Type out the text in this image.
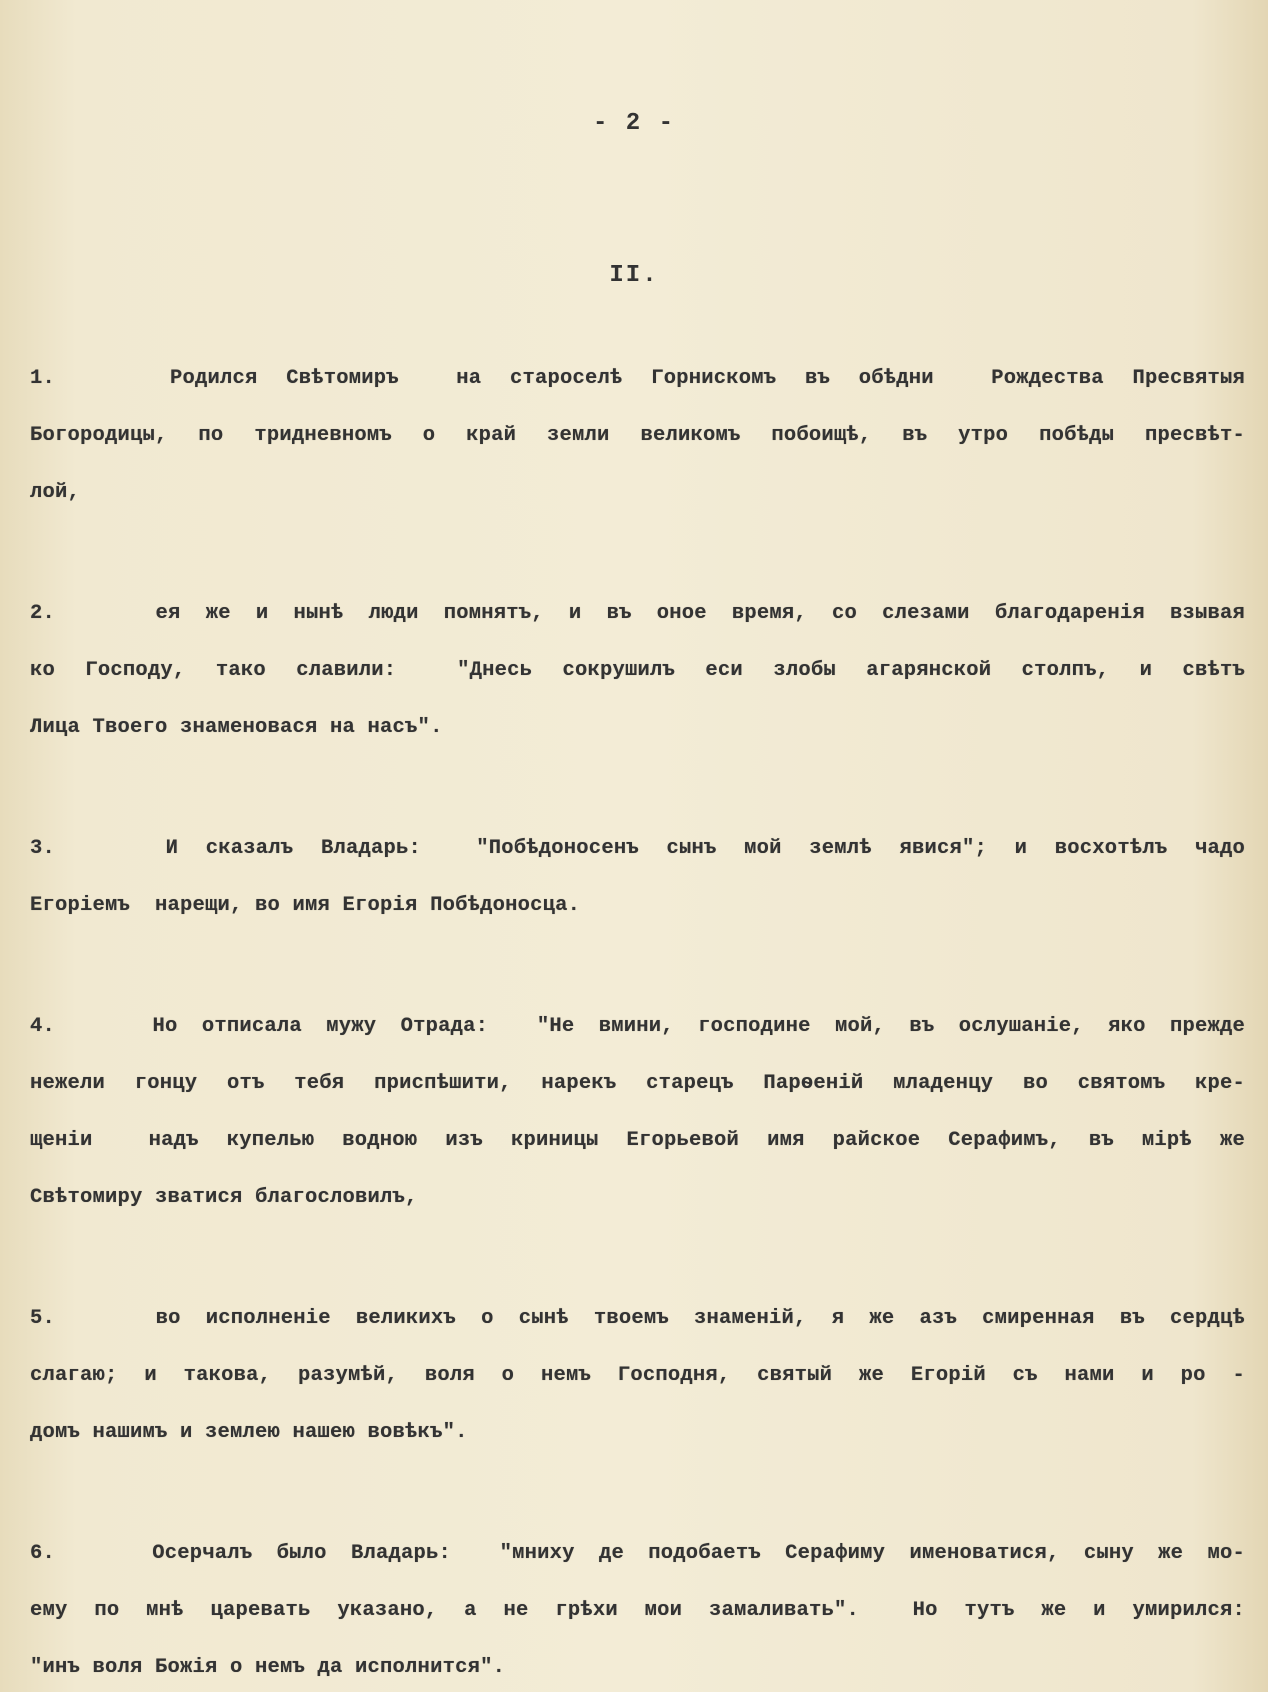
- 2 -
II.
1.    Родился Свѣтомиръ  на староселѣ Горнискомъ въ обѣдни  Рождества Пресвятыя
Богородицы, по тридневномъ о край земли великомъ побоищѣ, въ утро побѣды пресвѣт-
лой,
2.    ея же и нынѣ люди помнятъ, и въ оное время, со слезами благодаренія взывая
ко Господу, тако славили:  "Днесь сокрушилъ еси злобы агарянской столпъ, и свѣтъ
Лица Твоего знаменовася на насъ".
3.    И сказалъ Владарь:  "Побѣдоносенъ сынъ мой землѣ явися"; и восхотѣлъ чадо
Егоріемъ  нарещи, во имя Егорія Побѣдоносца.
4.    Но отписала мужу Отрада:  "Не вмини, господине мой, въ ослушаніе, яко прежде
нежели гонцу отъ тебя приспѣшити, нарекъ старецъ Парѳеній младенцу во святомъ кре-
щеніи  надъ купелью водною изъ криницы Егорьевой имя райское Серафимъ, въ мірѣ же
Свѣтомиру зватися благословилъ,
5.    во исполненіе великихъ о сынѣ твоемъ знаменій, я же азъ смиренная въ сердцѣ
слагаю; и такова, разумѣй, воля о немъ Господня, святый же Егорій съ нами и ро -
домъ нашимъ и землею нашею вовѣкъ".
6.    Осерчалъ было Владарь:  "мниху де подобаетъ Серафиму именоватися, сыну же мо-
ему по мнѣ царевать указано, а не грѣхи мои замаливать".  Но тутъ же и умирился:
"инъ воля Божія о немъ да исполнится".
